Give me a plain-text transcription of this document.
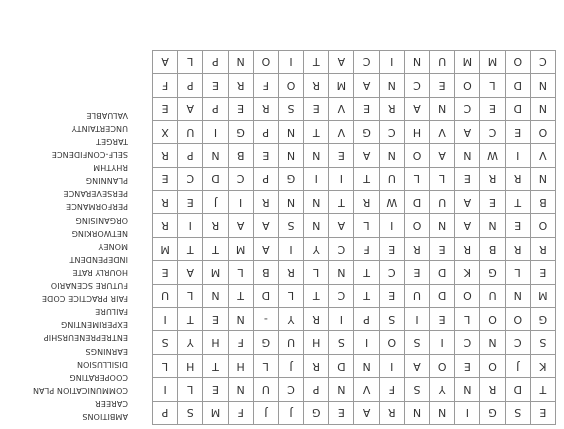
E	S	G	I	N	N	R	A	E	G	J	J	F	M	S	P
T	D	R	N	Y	S	F	V	N	P	C	U	N	E	L	I
K	J	O	E	O	A	I	N	D	R	J	L	H	T	H	L
S	C	N	C	I	S	O	I	S	H	U	G	F	H	Y	S
G	O	O	L	E	I	S	P	I	R	Y	-	N	E	T	I
M	N	U	O	D	U	E	T	C	T	L	D	T	N	L	U
E	L	G	K	D	E	C	T	N	L	R	B	L	M	A	E
R	R	B	R	E	R	E	F	C	Y	I	A	M	T	T	M
O	E	N	A	N	O	I	L	A	N	S	A	A	R	I	R
B	T	E	A	U	D	W	R	T	N	N	R	I	J	E	R
N	R	R	E	L	L	U	T	I	I	G	P	C	D	C	E
V	I	W	N	A	O	N	A	E	N	N	E	B	N	P	R
O	E	C	A	V	H	C	G	V	T	N	P	G	I	U	X
N	D	E	C	N	A	R	E	V	E	S	R	E	P	A	E
N	D	L	O	E	C	N	A	M	R	O	F	R	E	P	F
C	O	M	M	U	N	I	C	A	T	I	O	N	P	L	A
AMBITIONS
CAREER
COMMUNICATION PLAN
COOPERATING
DISILLUSION
EARNINGS
ENTREPRENEURSHIP
EXPERIMENTING
FAILURE
FAIR PRACTICE CODE
FUTURE SCENARIO
HOURLY RATE
INDEPENDENT
MONEY
NETWORKING
ORGANISING
PERFORMANCE
PERSEVERANCE
PLANNING
RHYTHM
SELF-CONFIDENCE
TARGET
UNCERTAINTY
VALUABLE
